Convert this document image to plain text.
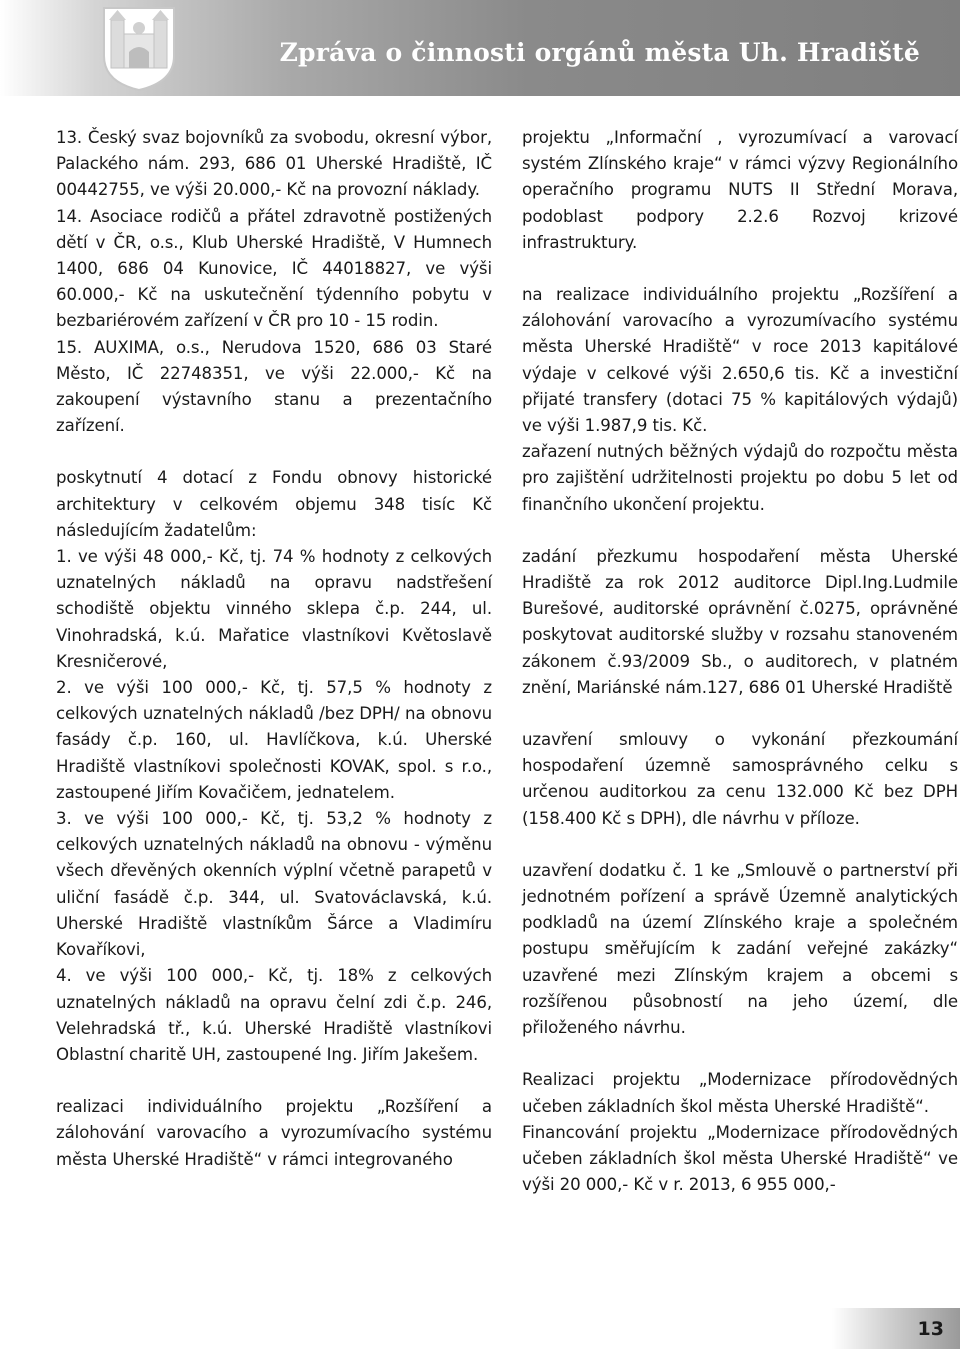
Zpráva o činnosti orgánů města Uh. Hradiště

13. Český svaz bojovníků za svobodu, okresní výbor, Palackého nám. 293, 686 01 Uherské Hradiště, IČ 00442755, ve výši 20.000,- Kč na provozní náklady.

14. Asociace rodičů a přátel zdravotně postižených dětí v ČR, o.s., Klub Uherské Hradiště, V Humnech 1400, 686 04 Kunovice, IČ 44018827, ve výši 60.000,- Kč na uskutečnění týdenního pobytu v bezbariérovém zařízení v ČR pro 10 - 15 rodin.

15. AUXIMA, o.s., Nerudova 1520, 686 03 Staré Město, IČ 22748351, ve výši 22.000,- Kč na zakoupení výstavního stanu a prezentačního zařízení.

poskytnutí 4 dotací z Fondu obnovy historické architektury v celkovém objemu 348 tisíc Kč následujícím žadatelům:

1. ve výši 48 000,- Kč, tj. 74 % hodnoty z celkových uznatelných nákladů na opravu nadstřešení schodiště objektu vinného sklepa č.p. 244, ul. Vinohradská, k.ú. Mařatice vlastníkovi Květoslavě Kresničerové,

2. ve výši 100 000,- Kč, tj. 57,5 % hodnoty z celkových uznatelných nákladů /bez DPH/ na obnovu fasády č.p. 160, ul. Havlíčkova, k.ú. Uherské Hradiště vlastníkovi společnosti KOVAK, spol. s r.o., zastoupené Jiřím Kovačičem, jednatelem.

3. ve výši 100 000,- Kč, tj. 53,2 % hodnoty z celkových uznatelných nákladů na obnovu - výměnu všech dřevěných okenních výplní včetně parapetů v uliční fasádě č.p. 344, ul. Svatováclavská, k.ú. Uherské Hradiště vlastníkům Šárce a Vladimíru Kovaříkovi,

4. ve výši 100 000,- Kč, tj. 18% z celkových uznatelných nákladů na opravu čelní zdi č.p. 246, Velehradská tř., k.ú. Uherské Hradiště vlastníkovi Oblastní charitě UH, zastoupené Ing. Jiřím Jakešem.

realizaci individuálního projektu „Rozšíření a zálohování varovacího a vyrozumívacího systému města Uherské Hradiště“ v rámci integrovaného

projektu „Informační , vyrozumívací a varovací systém Zlínského kraje“ v rámci výzvy Regionálního operačního programu NUTS II Střední Morava, podoblast podpory 2.2.6 Rozvoj krizové infrastruktury.

na realizace individuálního projektu „Rozšíření a zálohování varovacího a vyrozumívacího systému města Uherské Hradiště“ v roce 2013 kapitálové výdaje v celkové výši 2.650,6 tis. Kč a investiční přijaté transfery (dotaci 75 % kapitálových výdajů) ve výši 1.987,9 tis. Kč.

zařazení nutných běžných výdajů do rozpočtu města pro zajištění udržitelnosti projektu po dobu 5 let od finančního ukončení projektu.

zadání přezkumu hospodaření města Uherské Hradiště za rok 2012 auditorce Dipl.Ing.Ludmile Burešové, auditorské oprávnění č.0275, oprávněné poskytovat auditorské služby v rozsahu stanoveném zákonem č.93/2009 Sb., o auditorech, v platném znění, Mariánské nám.127, 686 01 Uherské Hradiště

uzavření smlouvy o vykonání přezkoumání hospodaření územně samosprávného celku s určenou auditorkou za cenu 132.000 Kč bez DPH (158.400 Kč s DPH), dle návrhu v příloze.

uzavření dodatku č. 1 ke „Smlouvě o partnerství při jednotném pořízení a správě Územně analytických podkladů na území Zlínského kraje a společném postupu směřujícím k zadání veřejné zakázky“ uzavřené mezi Zlínským krajem a obcemi s rozšířenou působností na jeho území, dle přiloženého návrhu.

Realizaci projektu „Modernizace přírodovědných učeben základních škol města Uherské Hradiště“.

Financování projektu „Modernizace přírodovědných učeben základních škol města Uherské Hradiště“ ve výši 20 000,- Kč v r. 2013, 6 955 000,-

13
